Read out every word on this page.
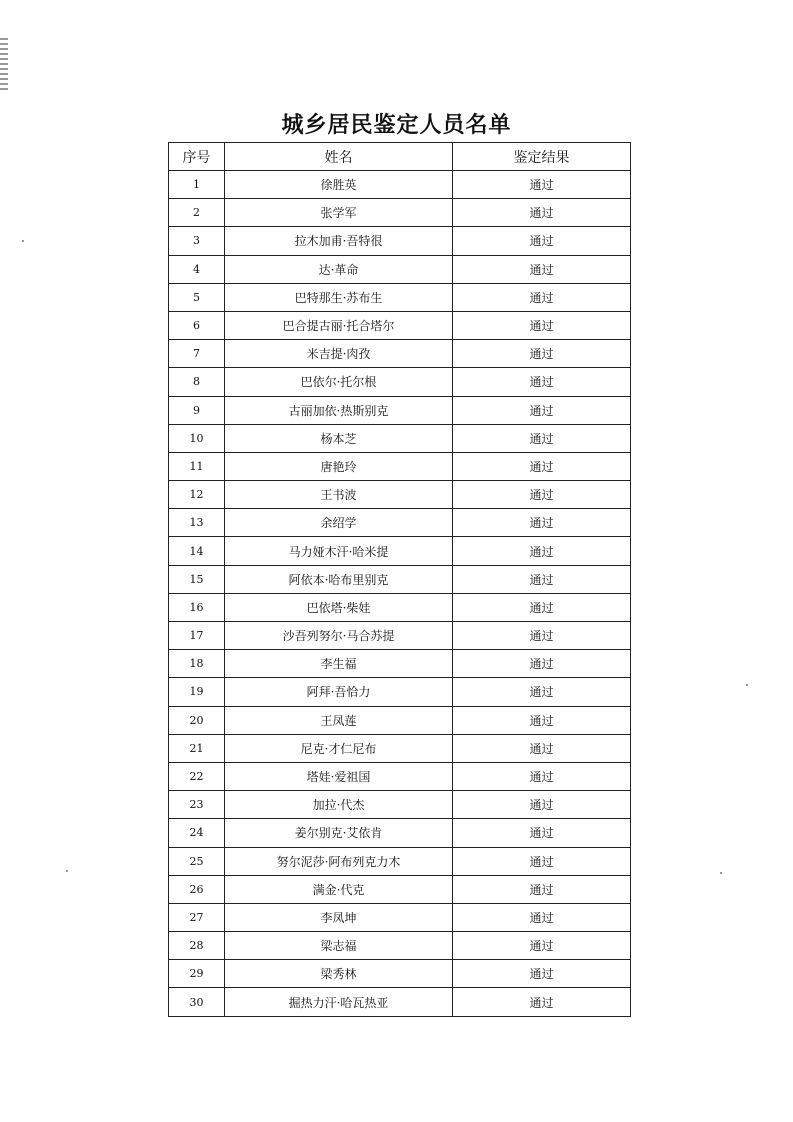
城乡居民鉴定人员名单
序号	姓名	鉴定结果
1	徐胜英	通过
2	张学军	通过
3	拉木加甫·吾特很	通过
4	达·革命	通过
5	巴特那生·苏布生	通过
6	巴合提古丽·托合塔尔	通过
7	米吉提·肉孜	通过
8	巴依尔·托尔根	通过
9	古丽加依·热斯别克	通过
10	杨本芝	通过
11	唐艳玲	通过
12	王书波	通过
13	余绍学	通过
14	马力娅木汗·哈米提	通过
15	阿依本·哈布里别克	通过
16	巴依塔·柴娃	通过
17	沙吾列努尔·马合苏提	通过
18	李生福	通过
19	阿拜·吾恰力	通过
20	王凤莲	通过
21	尼克·才仁尼布	通过
22	塔娃·爱祖国	通过
23	加拉·代杰	通过
24	姜尔别克·艾依肯	通过
25	努尔泥莎·阿布列克力木	通过
26	满金·代克	通过
27	李凤坤	通过
28	梁志福	通过
29	梁秀林	通过
30	掘热力汗·哈瓦热亚	通过
